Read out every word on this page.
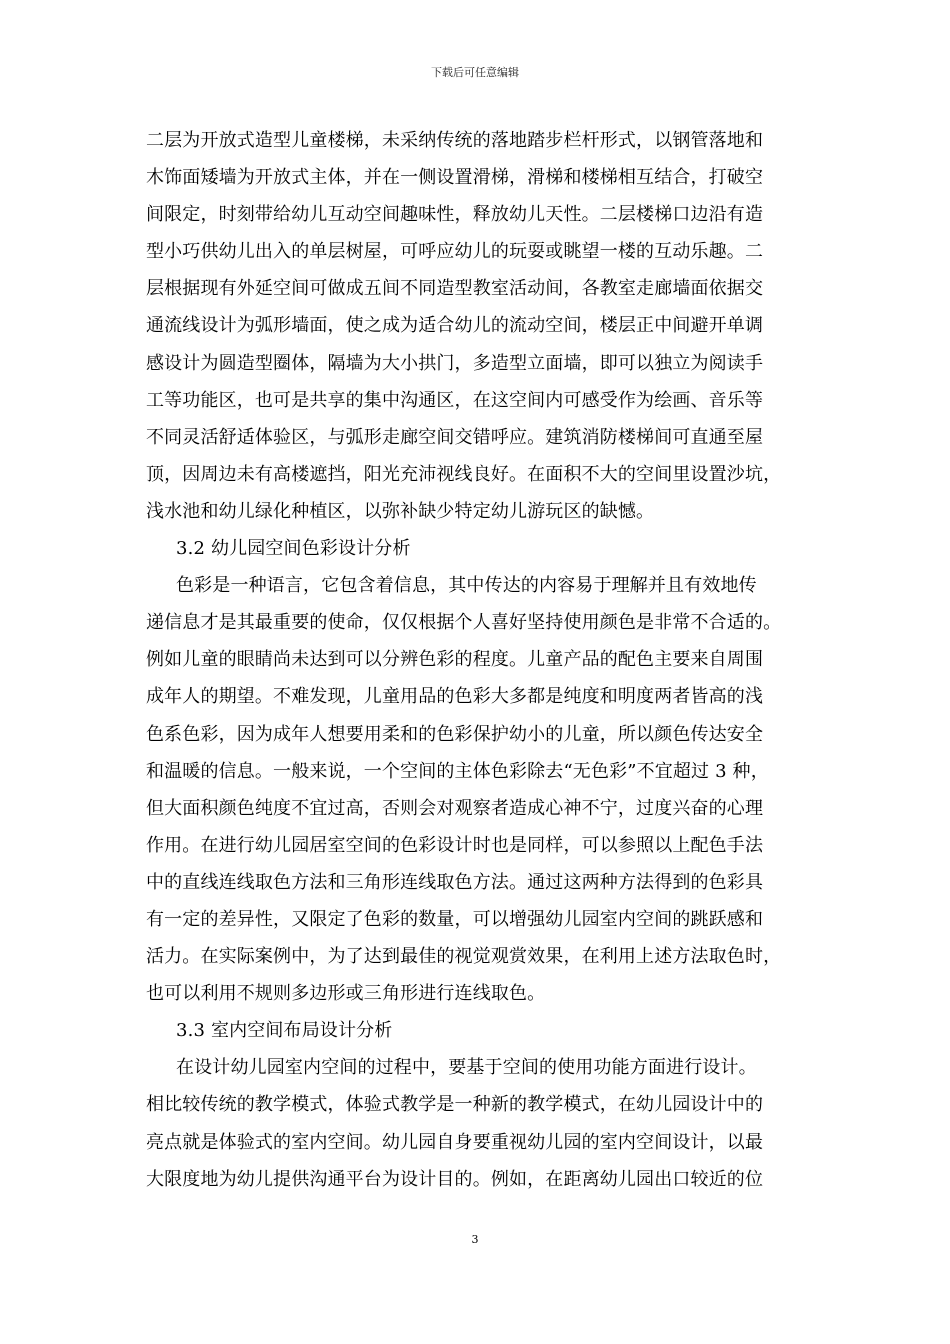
下载后可任意编辑
二层为开放式造型儿童楼梯，未采纳传统的落地踏步栏杆形式，以钢管落地和
木饰面矮墙为开放式主体，并在一侧设置滑梯，滑梯和楼梯相互结合，打破空
间限定，时刻带给幼儿互动空间趣味性，释放幼儿天性。二层楼梯口边沿有造
型小巧供幼儿出入的单层树屋，可呼应幼儿的玩耍或眺望一楼的互动乐趣。二
层根据现有外延空间可做成五间不同造型教室活动间，各教室走廊墙面依据交
通流线设计为弧形墙面，使之成为适合幼儿的流动空间，楼层正中间避开单调
感设计为圆造型圈体，隔墙为大小拱门，多造型立面墙，即可以独立为阅读手
工等功能区，也可是共享的集中沟通区，在这空间内可感受作为绘画、音乐等
不同灵活舒适体验区，与弧形走廊空间交错呼应。建筑消防楼梯间可直通至屋
顶，因周边未有高楼遮挡，阳光充沛视线良好。在面积不大的空间里设置沙坑，
浅水池和幼儿绿化种植区，以弥补缺少特定幼儿游玩区的缺憾。
3.2 幼儿园空间色彩设计分析
色彩是一种语言，它包含着信息，其中传达的内容易于理解并且有效地传
递信息才是其最重要的使命，仅仅根据个人喜好坚持使用颜色是非常不合适的。
例如儿童的眼睛尚未达到可以分辨色彩的程度。儿童产品的配色主要来自周围
成年人的期望。不难发现，儿童用品的色彩大多都是纯度和明度两者皆高的浅
色系色彩，因为成年人想要用柔和的色彩保护幼小的儿童，所以颜色传达安全
和温暖的信息。一般来说，一个空间的主体色彩除去“无色彩”不宜超过 3 种，
但大面积颜色纯度不宜过高，否则会对观察者造成心神不宁，过度兴奋的心理
作用。在进行幼儿园居室空间的色彩设计时也是同样，可以参照以上配色手法
中的直线连线取色方法和三角形连线取色方法。通过这两种方法得到的色彩具
有一定的差异性，又限定了色彩的数量，可以增强幼儿园室内空间的跳跃感和
活力。在实际案例中，为了达到最佳的视觉观赏效果，在利用上述方法取色时，
也可以利用不规则多边形或三角形进行连线取色。
3.3 室内空间布局设计分析
在设计幼儿园室内空间的过程中，要基于空间的使用功能方面进行设计。
相比较传统的教学模式，体验式教学是一种新的教学模式，在幼儿园设计中的
亮点就是体验式的室内空间。幼儿园自身要重视幼儿园的室内空间设计，以最
大限度地为幼儿提供沟通平台为设计目的。例如，在距离幼儿园出口较近的位
3
